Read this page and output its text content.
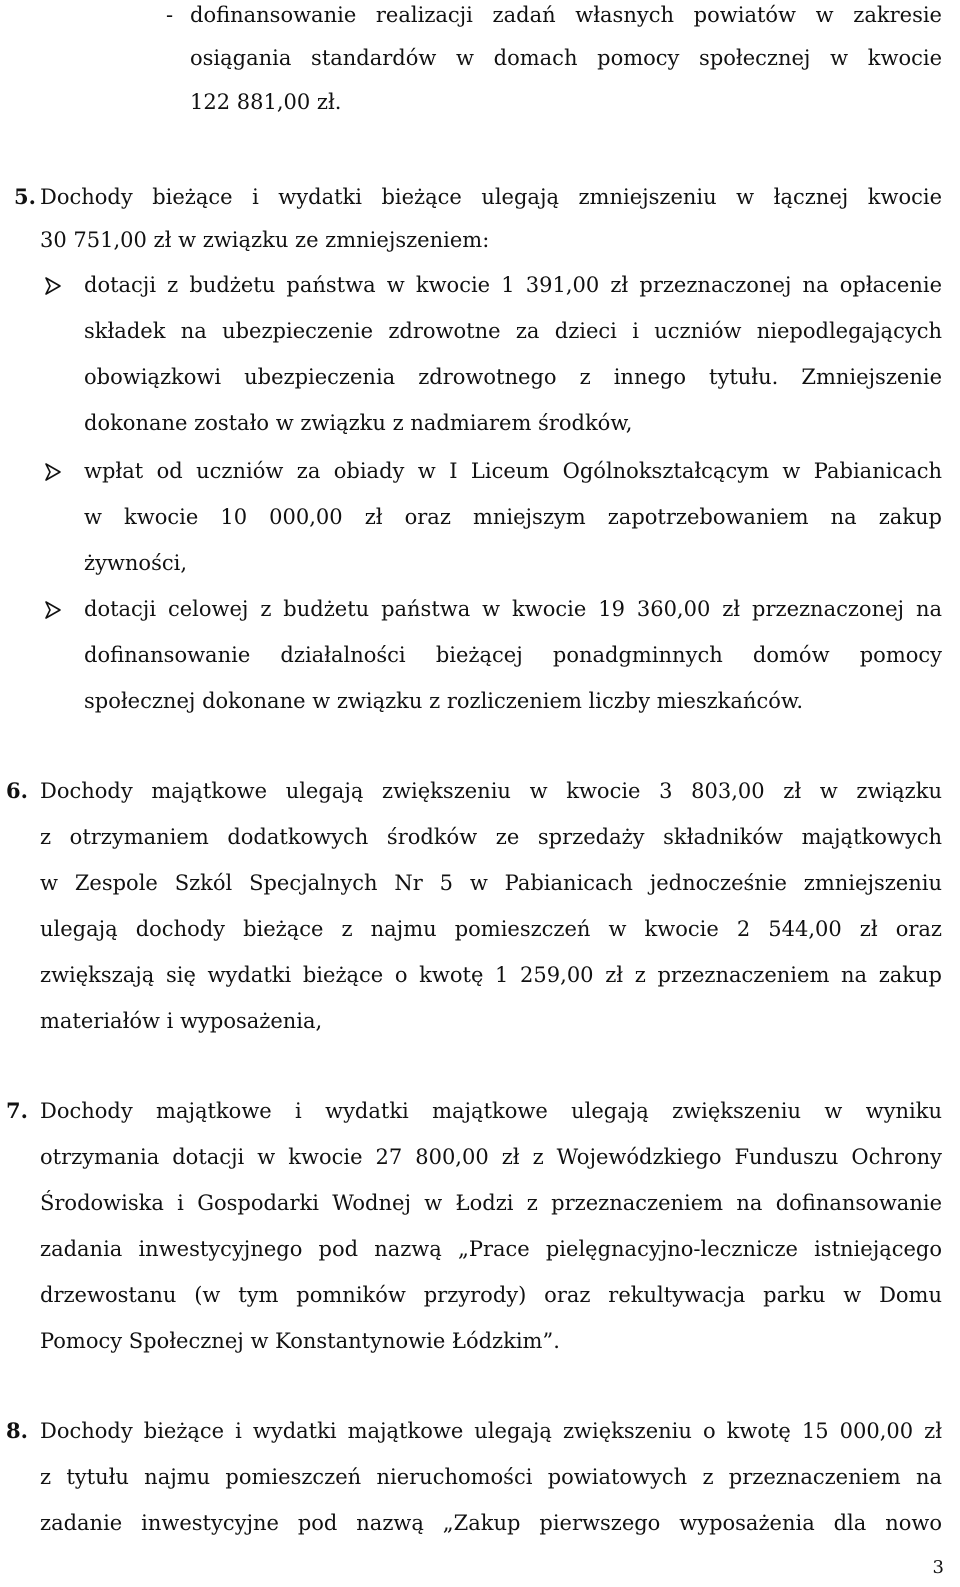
- dofinansowanie realizacji zadań własnych powiatów w zakresie
osiągania standardów w domach pomocy społecznej w kwocie
122 881,00 zł.
5. Dochody bieżące i wydatki bieżące ulegają zmniejszeniu w łącznej kwocie
30 751,00 zł w związku ze zmniejszeniem:
dotacji z budżetu państwa w kwocie 1 391,00 zł przeznaczonej na opłacenie
składek na ubezpieczenie zdrowotne za dzieci i uczniów niepodlegających
obowiązkowi ubezpieczenia zdrowotnego z innego tytułu. Zmniejszenie
dokonane zostało w związku z nadmiarem środków,
wpłat od uczniów za obiady w I Liceum Ogólnokształcącym w Pabianicach
w kwocie 10 000,00 zł oraz mniejszym zapotrzebowaniem na zakup
żywności,
dotacji celowej z budżetu państwa w kwocie 19 360,00 zł przeznaczonej na
dofinansowanie działalności bieżącej ponadgminnych domów pomocy
społecznej dokonane w związku z rozliczeniem liczby mieszkańców.
6. Dochody majątkowe ulegają zwiększeniu w kwocie 3 803,00 zł w związku
z otrzymaniem dodatkowych środków ze sprzedaży składników majątkowych
w Zespole Szkól Specjalnych Nr 5 w Pabianicach jednocześnie zmniejszeniu
ulegają dochody bieżące z najmu pomieszczeń w kwocie 2 544,00 zł oraz
zwiększają się wydatki bieżące o kwotę 1 259,00 zł z przeznaczeniem na zakup
materiałów i wyposażenia,
7. Dochody majątkowe i wydatki majątkowe ulegają zwiększeniu w wyniku
otrzymania dotacji w kwocie 27 800,00 zł z Wojewódzkiego Funduszu Ochrony
Środowiska i Gospodarki Wodnej w Łodzi z przeznaczeniem na dofinansowanie
zadania inwestycyjnego pod nazwą „Prace pielęgnacyjno-lecznicze istniejącego
drzewostanu (w tym pomników przyrody) oraz rekultywacja parku w Domu
Pomocy Społecznej w Konstantynowie Łódzkim”.
8. Dochody bieżące i wydatki majątkowe ulegają zwiększeniu o kwotę 15 000,00 zł
z tytułu najmu pomieszczeń nieruchomości powiatowych z przeznaczeniem na
zadanie inwestycyjne pod nazwą „Zakup pierwszego wyposażenia dla nowo
3
